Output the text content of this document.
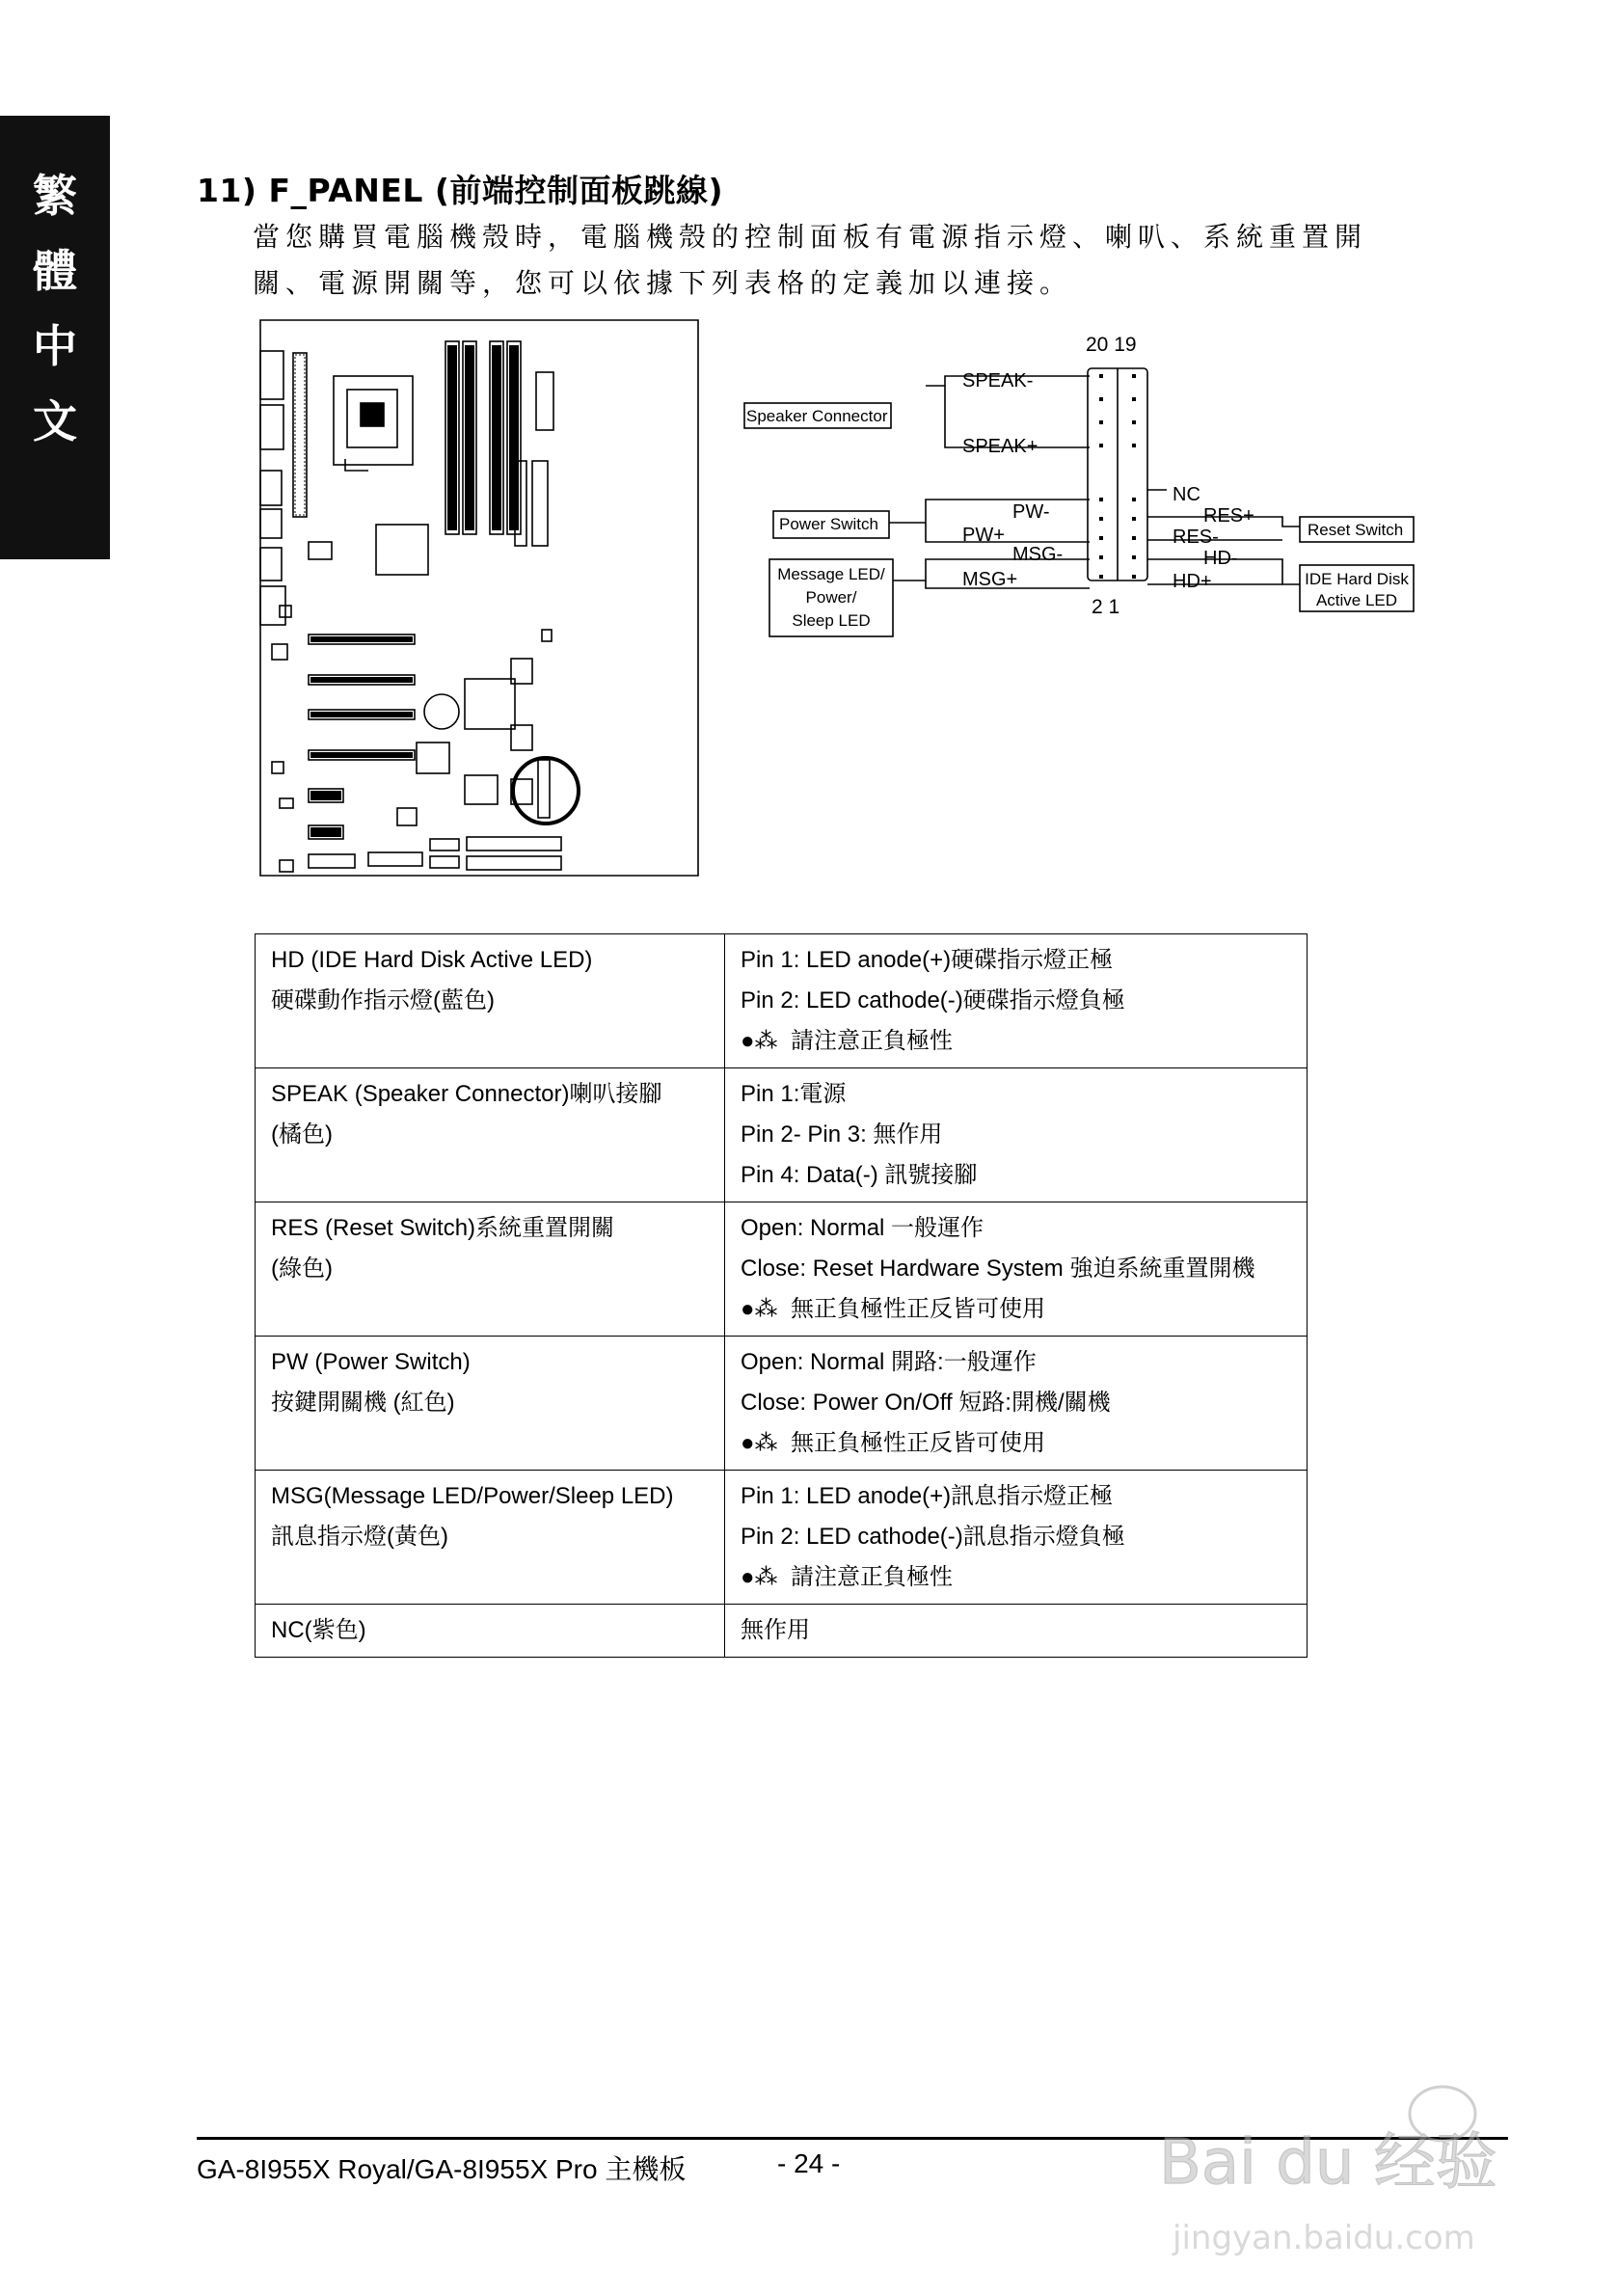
繁
體
中
文
11) F_PANEL (前端控制面板跳線)
當您購買電腦機殼時，電腦機殼的控制面板有電源指示燈、喇叭、系統重置開
關、電源開關等，您可以依據下列表格的定義加以連接。
20 19
2 1
SPEAK-
SPEAK+
PW-
PW+
MSG-
MSG+
NC
RES+
RES-
HD-
HD+
Speaker Connector
Power Switch
Message LED/
Power/
Sleep LED
Reset Switch
IDE Hard Disk
Active LED
HD (IDE Hard Disk Active LED)
硬碟動作指示燈(藍色)	Pin 1: LED anode(+)硬碟指示燈正極
Pin 2: LED cathode(-)硬碟指示燈負極
●⁂ 請注意正負極性

SPEAK (Speaker Connector)喇叭接腳
(橘色)	Pin 1:電源
Pin 2- Pin 3: 無作用
Pin 4: Data(-) 訊號接腳

RES (Reset Switch)系統重置開關
(綠色)	Open: Normal 一般運作
Close: Reset Hardware System 強迫系統重置開機
●⁂ 無正負極性正反皆可使用

PW (Power Switch)
按鍵開關機 (紅色)	Open: Normal 開路:一般運作
Close: Power On/Off 短路:開機/關機
●⁂ 無正負極性正反皆可使用

MSG(Message LED/Power/Sleep LED)
訊息指示燈(黃色)	Pin 1: LED anode(+)訊息指示燈正極
Pin 2: LED cathode(-)訊息指示燈負極
●⁂ 請注意正負極性

NC(紫色)	無作用
GA-8I955X Royal/GA-8I955X Pro 主機板	- 24 -	Bai du 经验
jingyan.baidu.com
